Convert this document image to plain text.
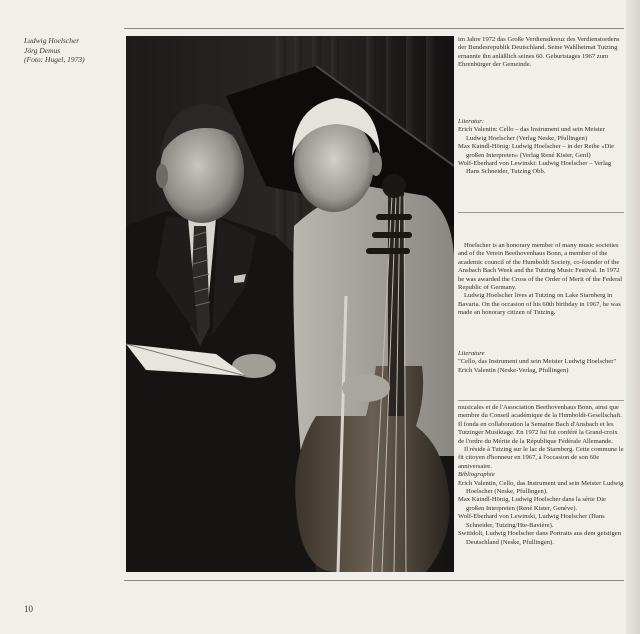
Ludwig Hoelscher
Jörg Demus
(Foto: Hugel, 1973)

im Jahre 1972 das Große Verdienstkreuz des Verdienstordens der Bundesrepublik Deutschland. Seine Wahlheimat Tutzing ernannte ihn anläßlich seines 60. Geburtstages 1967 zum Ehrenbürger der Gemeinde.

Literatur:

Erich Valentin: Cello – das Instrument und sein Meister Ludwig Hoelscher (Verlag Neske, Pfullingen)

Max Kaindl-Hönig: Ludwig Hoelscher – in der Reihe »Die großen Interpreten« (Verlag René Kister, Genf)

Wolf-Eberhard von Lewinski: Ludwig Hoelscher – Verlag Hans Schneider, Tutzing Obb.

Hoelscher is an honorary member of many music societies and of the Verein Beethovenhaus Bonn, a member of the academic council of the Humboldt Society, co-founder of the Ansbach Bach Week and the Tutzing Music Festival. In 1972 he was awarded the Cross of the Order of Merit of the Federal Republic of Germany.

Ludwig Hoelscher lives at Tutzing on Lake Starnberg in Bavaria. On the occasion of his 60th birthday in 1967, he was made an honorary citizen of Tutzing.

Literature

"Cello, das Instrument und sein Meister Ludwig Hoelscher" Erich Valentin (Neske-Verlag, Pfullingen)

musicales et de l'Association Beethovenhaus Bonn, ainsi que membre du Conseil académique de la Humboldt-Gesellschaft. Il fonda en collaboration la Semaine Bach d'Ansbach et les Tutzinger Musiktage. En 1972 lui fut conféré la Grand-croix de l'ordre du Mérite de la République Fédérale Allemande.

Il réside à Tutzing sur le lac de Starnberg. Cette commune le fit citoyen d'honneur en 1967, à l'occasion de son 60e anniversaire.

Bibliographie

Erich Valentin, Cello, das Instrument und sein Meister Ludwig Hoelscher (Neske, Pfullingen).

Max Kaindl-Hönig, Ludwig Hoelscher dans la série Die großen Interpreten (René Kister, Genève).

Wolf-Eberhard von Lewinski, Ludwig Hoelscher (Hans Schneider, Tutzing/Hte-Bavière).

Switidolt, Ludwig Hoelscher dans Portraits aus dem geistigen Deutschland (Neske, Pfullingen).

10
